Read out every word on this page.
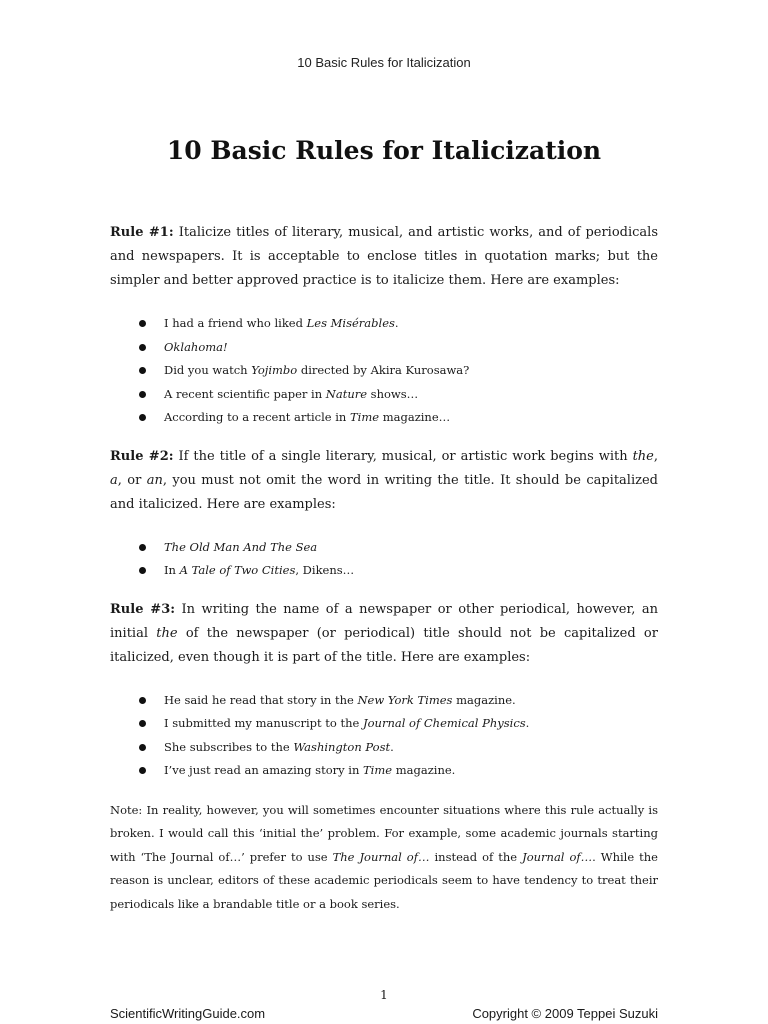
10 Basic Rules for Italicization
10 Basic Rules for Italicization

Rule #1: Italicize titles of literary, musical, and artistic works, and of periodicals and newspapers. It is acceptable to enclose titles in quotation marks; but the simpler and better approved practice is to italicize them. Here are examples:

I had a friend who liked Les Misérables.
Oklahoma!
Did you watch Yojimbo directed by Akira Kurosawa?
A recent scientific paper in Nature shows…
According to a recent article in Time magazine…

Rule #2: If the title of a single literary, musical, or artistic work begins with the, a, or an, you must not omit the word in writing the title. It should be capitalized and italicized. Here are examples:

The Old Man And The Sea
In A Tale of Two Cities, Dikens…

Rule #3: In writing the name of a newspaper or other periodical, however, an initial the of the newspaper (or periodical) title should not be capitalized or italicized, even though it is part of the title. Here are examples:

He said he read that story in the New York Times magazine.
I submitted my manuscript to the Journal of Chemical Physics.
She subscribes to the Washington Post.
I’ve just read an amazing story in Time magazine.

Note: In reality, however, you will sometimes encounter situations where this rule actually is broken. I would call this ‘initial the’ problem. For example, some academic journals starting with ‘The Journal of…’ prefer to use The Journal of… instead of the Journal of…. While the reason is unclear, editors of these academic periodicals seem to have tendency to treat their periodicals like a brandable title or a book series.

1
ScientificWritingGuide.com	Copyright © 2009 Teppei Suzuki
